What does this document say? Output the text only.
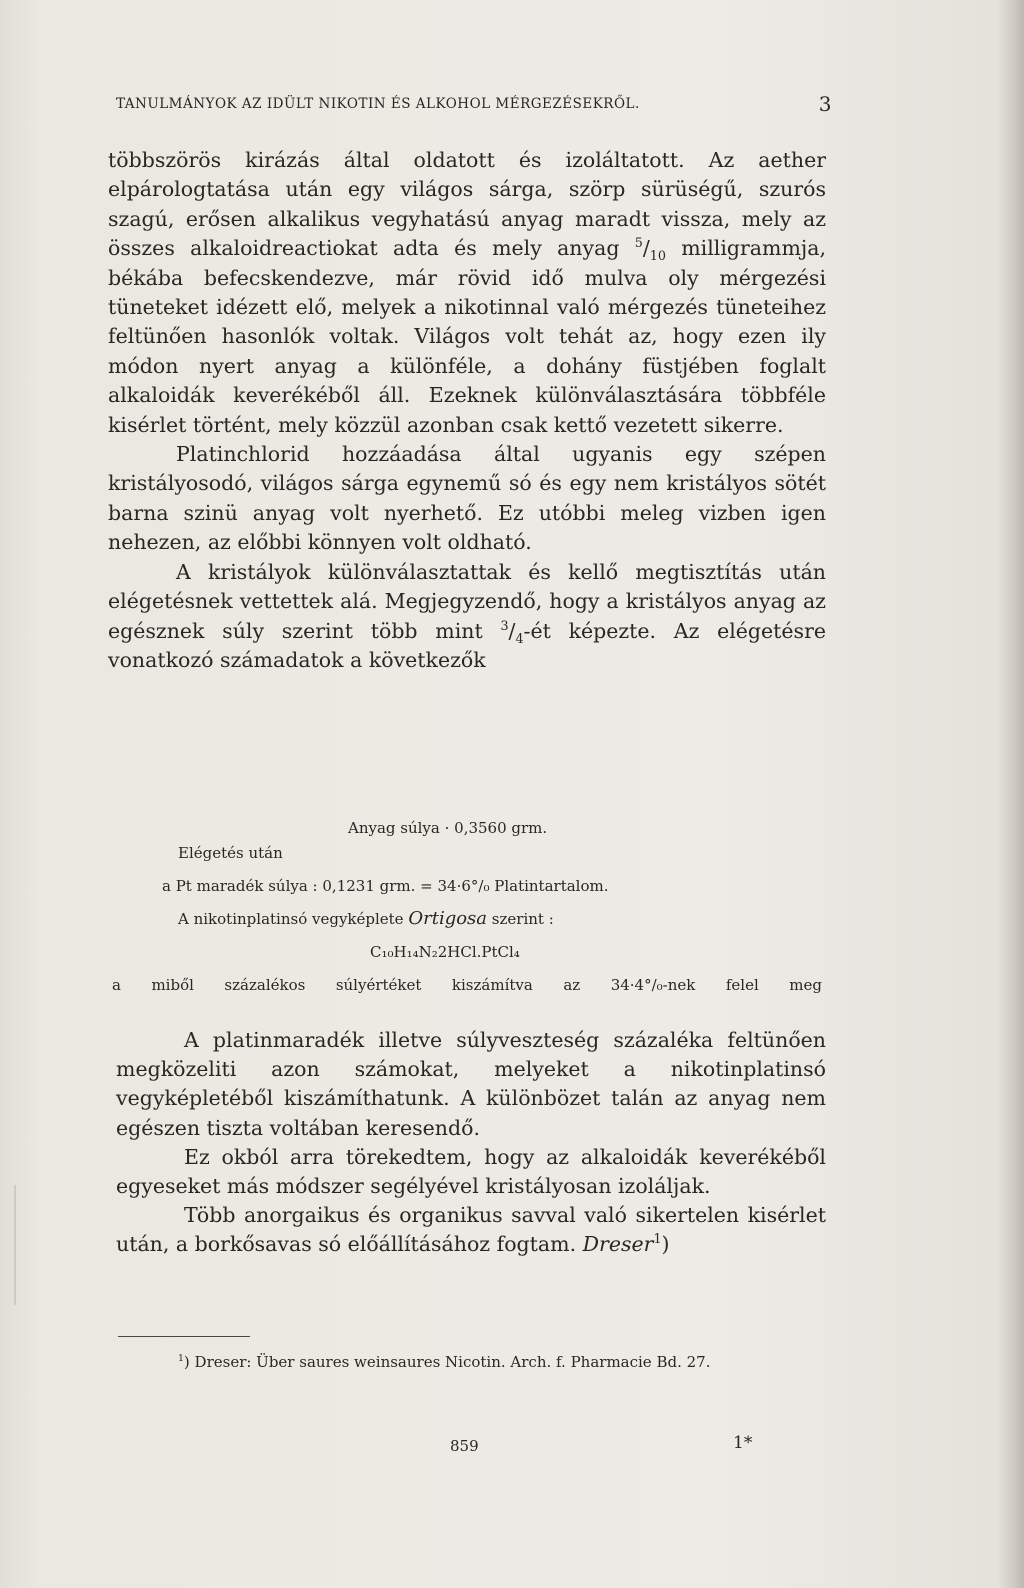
TANULMÁNYOK AZ IDÜLT NIKOTIN ÉS ALKOHOL MÉRGEZÉSEKRŐL.	3

többszörös kirázás által oldatott és izoláltatott. Az aether elpárologtatása után egy világos sárga, szörp sürüségű, szurós szagú, erősen alkalikus vegyhatású anyag maradt vissza, mely az összes alkaloidreactiokat adta és mely anyag $^5/_{10}$ milligrammja, békába befecskendezve, már rövid idő mulva oly mérgezési tüneteket idézett elő, melyek a nikotinnal való mérgezés tüneteihez feltünően hasonlók voltak. Világos volt tehát az, hogy ezen ily módon nyert anyag a különféle, a dohány füstjében foglalt alkaloidák keverékéből áll. Ezeknek különválasztására többféle kisérlet történt, mely közzül azonban csak kettő vezetett sikerre.

Platinchlorid hozzáadása által ugyanis egy szépen kristályosodó, világos sárga egynemű só és egy nem kristályos sötét barna szinü anyag volt nyerhető. Ez utóbbi meleg vizben igen nehezen, az előbbi könnyen volt oldható.

A kristályok különválasztattak és kellő megtisztítás után elégetésnek vettettek alá. Megjegyzendő, hogy a kristályos anyag az egésznek súly szerint több mint $^3/_4-ét$ képezte. Az elégetésre vonatkozó számadatok a következők

Anyag súlya · 0,3560 grm.
Elégetés után
a Pt maradék súlya : 0,1231 grm. = 34·6°/₀ Platintartalom.
A nikotinplatinsó vegyképlete Ortigosa szerint :
C₁₀H₁₄N₂2HCl.PtCl₄
a miből százalékos súlyértéket kiszámítva az 34·4°/₀-nek felel meg

A platinmaradék illetve súlyveszteség százaléka feltünően megközeliti azon számokat, melyeket a nikotinplatinsó vegyképletéből kiszámíthatunk. A különbözet talán az anyag nem egészen tiszta voltában keresendő.

Ez okból arra törekedtem, hogy az alkaloidák keverékéből egyeseket más módszer segélyével kristályosan izoláljak.

Több anorgaikus és organikus savval való sikertelen kisérlet után, a borkősavas só előállításához fogtam. Dreser$^1$)

$^1$) Dreser: Über saures weinsaures Nicotin. Arch. f. Pharmacie Bd. 27.
859	1*
